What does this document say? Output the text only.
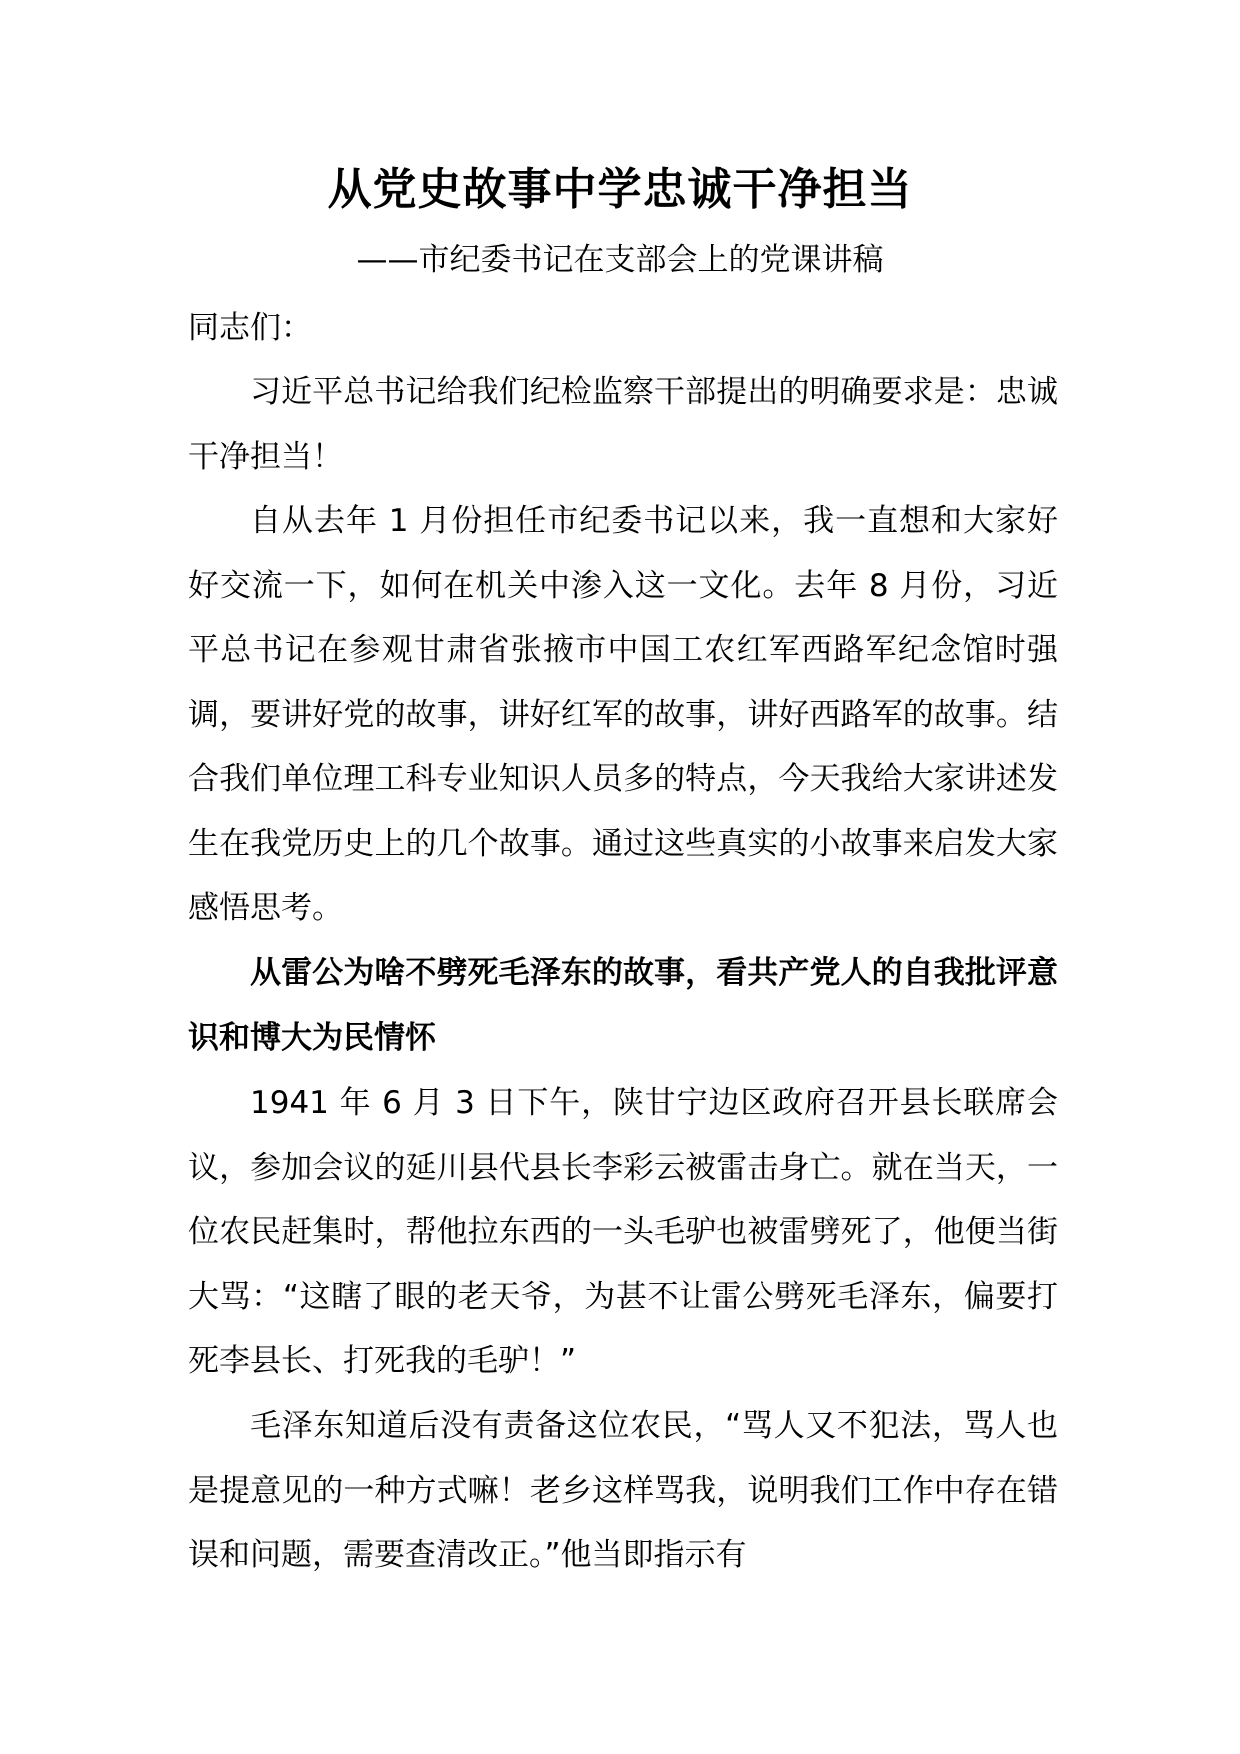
从党史故事中学忠诚干净担当
——市纪委书记在支部会上的党课讲稿
同志们：
习近平总书记给我们纪检监察干部提出的明确要求是：忠诚干净担当！
自从去年 1 月份担任市纪委书记以来，我一直想和大家好好交流一下，如何在机关中渗入这一文化。去年 8 月份，习近平总书记在参观甘肃省张掖市中国工农红军西路军纪念馆时强调，要讲好党的故事，讲好红军的故事，讲好西路军的故事。结合我们单位理工科专业知识人员多的特点，今天我给大家讲述发生在我党历史上的几个故事。通过这些真实的小故事来启发大家感悟思考。
从雷公为啥不劈死毛泽东的故事，看共产党人的自我批评意识和博大为民情怀
1941 年 6 月 3 日下午，陕甘宁边区政府召开县长联席会议，参加会议的延川县代县长李彩云被雷击身亡。就在当天，一位农民赶集时，帮他拉东西的一头毛驴也被雷劈死了，他便当街大骂：“这瞎了眼的老天爷，为甚不让雷公劈死毛泽东，偏要打死李县长、打死我的毛驴！”
毛泽东知道后没有责备这位农民，“骂人又不犯法，骂人也是提意见的一种方式嘛！老乡这样骂我，说明我们工作中存在错误和问题，需要查清改正。”他当即指示有
